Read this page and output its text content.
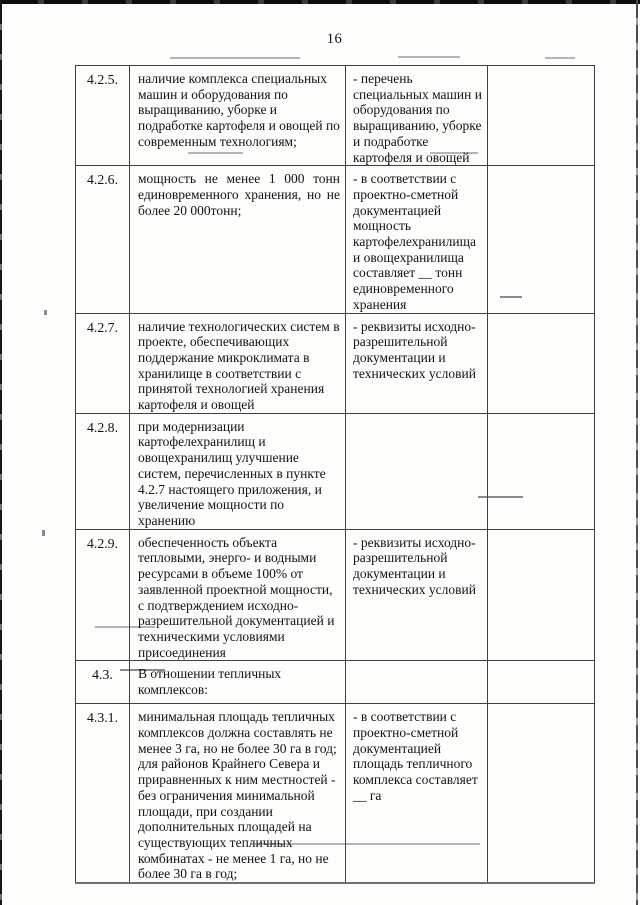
16
4.2.5.	наличие комплекса специальных машин и оборудования по выращиванию, уборке и подработке картофеля и овощей по современным технологиям;	- перечень специальных машин и оборудования по выращиванию, уборке и подработке картофеля и овощей	
4.2.6.	мощность не менее 1 000 тонн единовременного хранения, но не более 20 000тонн;	- в соответствии с проектно-сметной документацией мощность картофелехранилища и овощехранилища составляет __ тонн единовременного хранения	
4.2.7.	наличие технологических систем в проекте, обеспечивающих поддержание микроклимата в хранилище в соответствии с принятой технологией хранения картофеля и овощей	- реквизиты исходно-разрешительной документации и технических условий	
4.2.8.	при модернизации картофелехранилищ и овощехранилищ улучшение систем, перечисленных в пункте 4.2.7 настоящего приложения, и увеличение мощности по хранению		
4.2.9.	обеспеченность объекта тепловыми, энерго- и водными ресурсами в объеме 100% от заявленной проектной мощности, с подтверждением исходно-разрешительной документацией и техническими условиями присоединения	- реквизиты исходно-разрешительной документации и технических условий	
4.3.	В отношении тепличных комплексов:		
4.3.1.	минимальная площадь тепличных комплексов должна составлять не менее 3 га, но не более 30 га в год; для районов Крайнего Севера и приравненных к ним местностей - без ограничения минимальной площади, при создании дополнительных площадей на существующих тепличных комбинатах - не менее 1 га, но не более 30 га в год;	- в соответствии с проектно-сметной документацией площадь тепличного комплекса составляет __ га	
